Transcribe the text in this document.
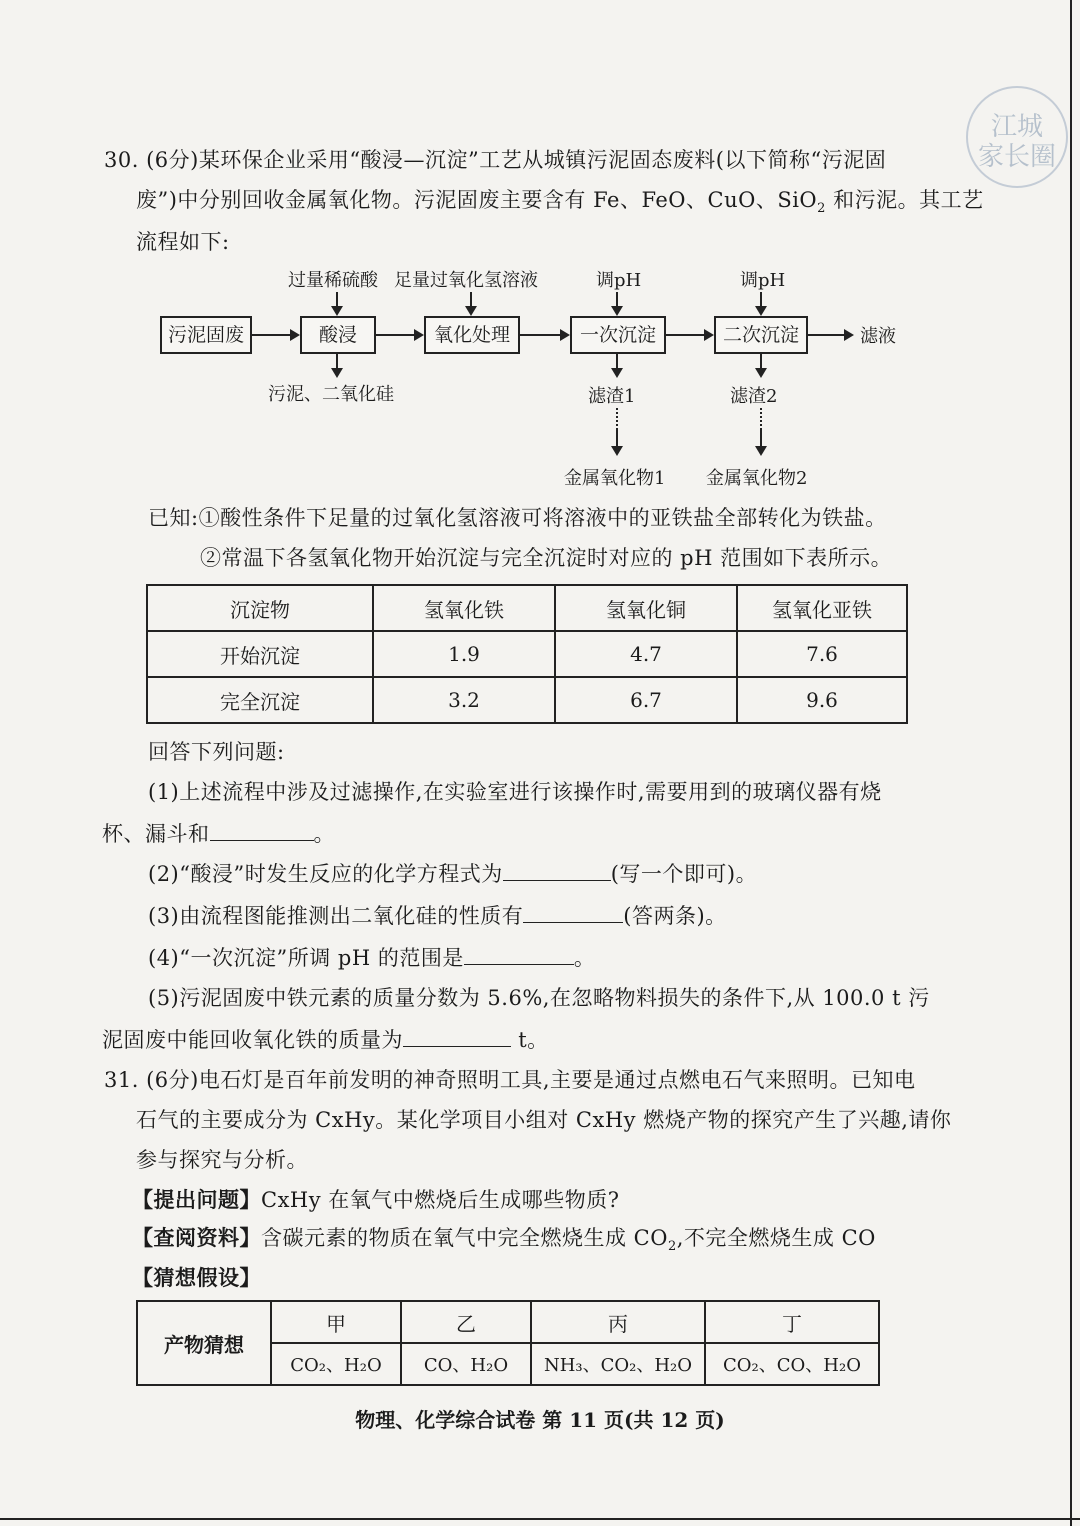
江城
家长圈
30. (6分)某环保企业采用“酸浸—沉淀”工艺从城镇污泥固态废料(以下简称“污泥固
废”)中分别回收金属氧化物。污泥固废主要含有 Fe、FeO、CuO、SiO$_2$ 和污泥。其工艺
流程如下:
过量稀硫酸 足量过氧化氢溶液	调pH	调pH
污泥固废	酸浸	氧化处理	一次沉淀	二次沉淀	滤液
污泥、二氧化硅	滤渣1	滤渣2
金属氧化物1 金属氧化物2
已知:①酸性条件下足量的过氧化氢溶液可将溶液中的亚铁盐全部转化为铁盐。
②常温下各氢氧化物开始沉淀与完全沉淀时对应的 pH 范围如下表所示。
沉淀物	氢氧化铁	氢氧化铜	氢氧化亚铁
开始沉淀	1.9	4.7	7.6
完全沉淀	3.2	6.7	9.6
回答下列问题:
(1)上述流程中涉及过滤操作,在实验室进行该操作时,需要用到的玻璃仪器有烧
杯、漏斗和	。
(2)“酸浸”时发生反应的化学方程式为	(写一个即可)。
(3)由流程图能推测出二氧化硅的性质有	(答两条)。
(4)“一次沉淀”所调 pH 的范围是	。
(5)污泥固废中铁元素的质量分数为 5.6%,在忽略物料损失的条件下,从 100.0 t 污
泥固废中能回收氧化铁的质量为	t。
31. (6分)电石灯是百年前发明的神奇照明工具,主要是通过点燃电石气来照明。已知电
石气的主要成分为 CxHy。某化学项目小组对 CxHy 燃烧产物的探究产生了兴趣,请你
参与探究与分析。
【提出问题】CxHy 在氧气中燃烧后生成哪些物质?
【查阅资料】含碳元素的物质在氧气中完全燃烧生成 $CO_2$,不完全燃烧生成 CO
【猜想假设】
产物猜想	甲	乙	丙	丁
	CO₂、H₂O	CO、H₂O	NH₃、CO₂、H₂O	CO₂、CO、H₂O
物理、化学综合试卷 第 11 页(共 12 页)
